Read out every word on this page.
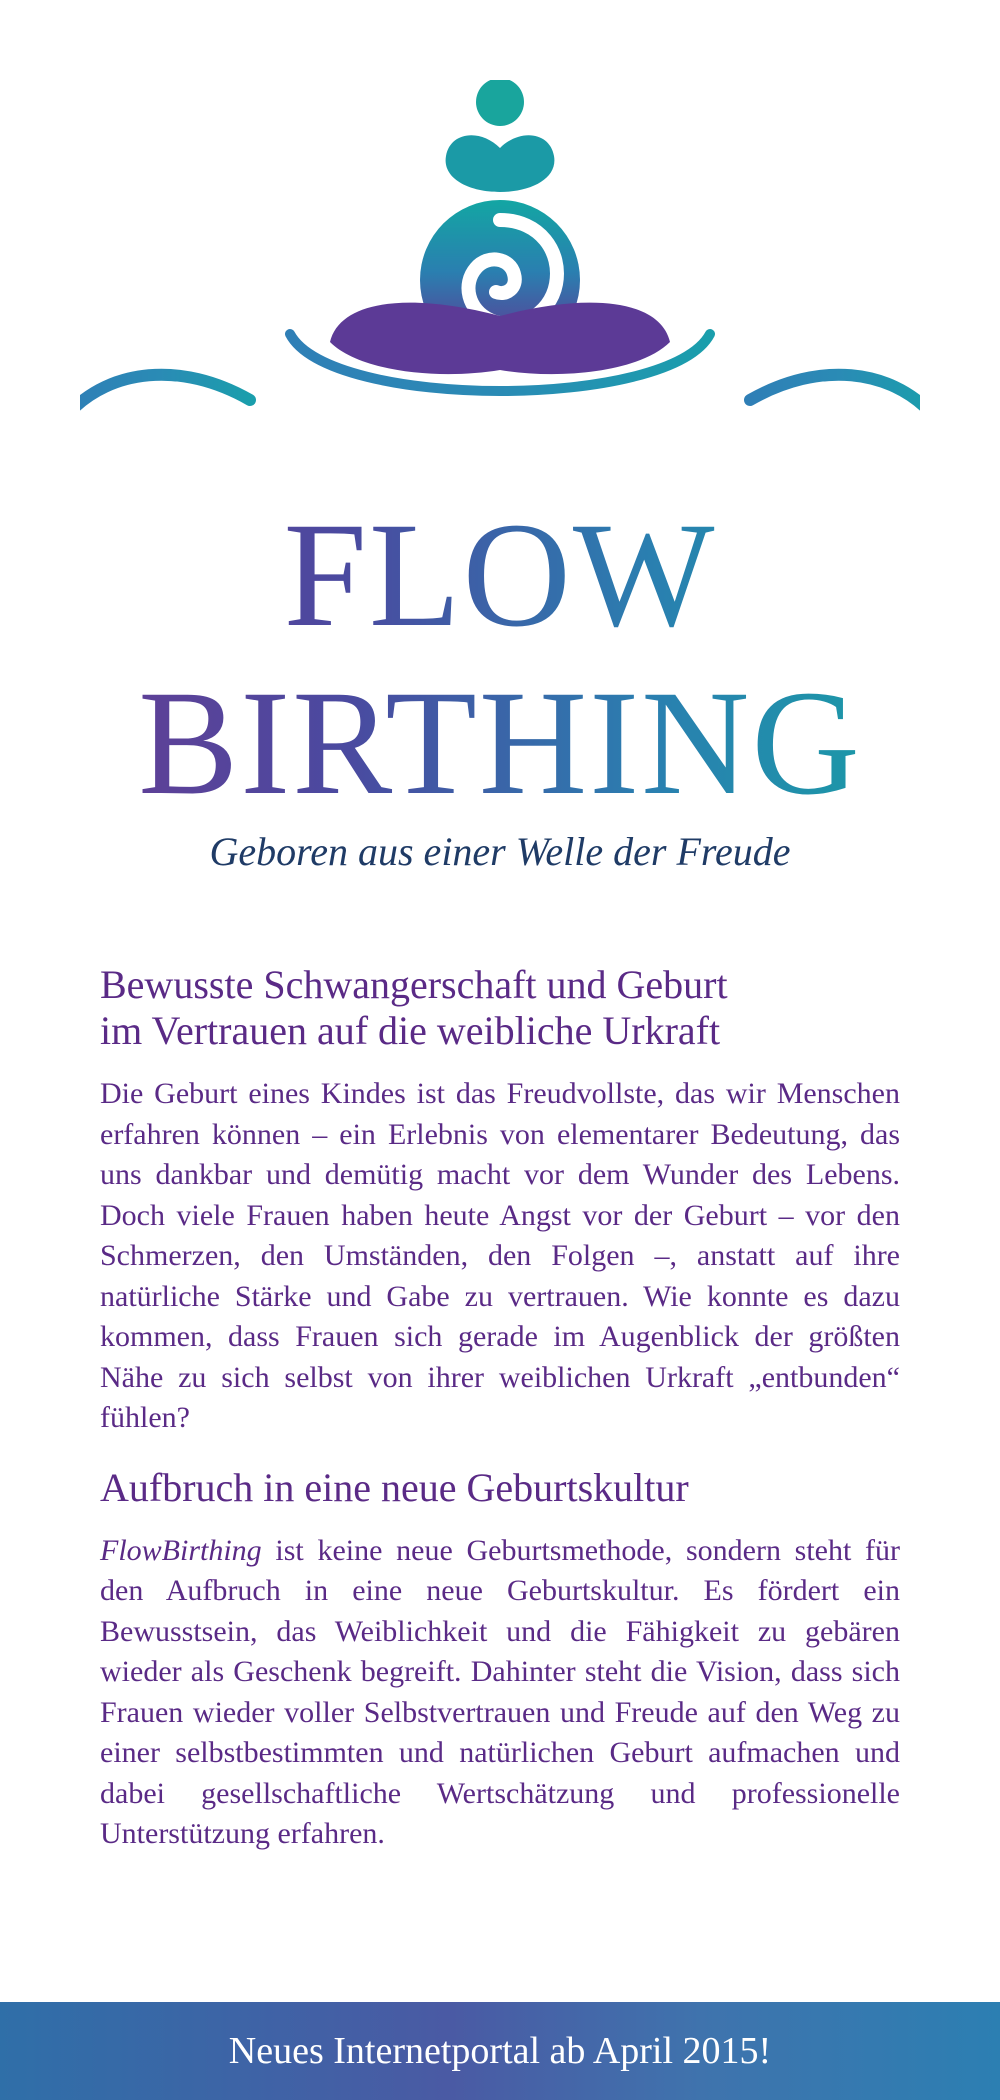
FLOW
BIRTHING
Geboren aus einer Welle der Freude
Bewusste Schwangerschaft und Geburt
im Vertrauen auf die weibliche Urkraft

Die Geburt eines Kindes ist das Freudvollste, das wir Menschen erfahren können – ein Erlebnis von elementarer Bedeutung, das uns dankbar und demütig macht vor dem Wunder des Lebens. Doch viele Frauen haben heute Angst vor der Geburt – vor den Schmerzen, den Umständen, den Folgen –, anstatt auf ihre natürliche Stärke und Gabe zu vertrauen. Wie konnte es dazu kommen, dass Frauen sich gerade im Augenblick der größten Nähe zu sich selbst von ihrer weiblichen Urkraft „entbunden“ fühlen?

Aufbruch in eine neue Geburtskultur

FlowBirthing ist keine neue Geburtsmethode, sondern steht für den Aufbruch in eine neue Geburtskultur. Es fördert ein Bewusstsein, das Weiblichkeit und die Fähigkeit zu gebären wieder als Geschenk begreift. Dahinter steht die Vision, dass sich Frauen wieder voller Selbstvertrauen und Freude auf den Weg zu einer selbstbestimmten und natürlichen Geburt aufmachen und dabei gesellschaftliche Wertschätzung und professionelle Unterstützung erfahren.

Neues Internetportal ab April 2015!
